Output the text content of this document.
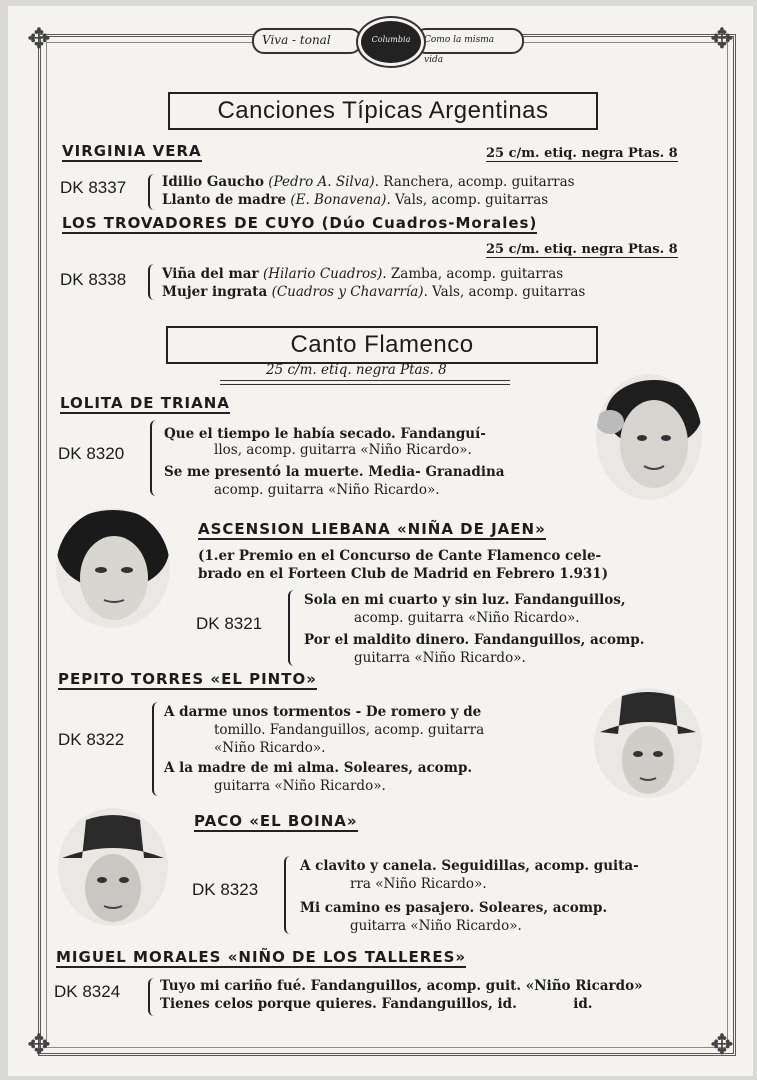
✥	✥
✥	✥
Viva - tonal	Como la misma vida
Columbia
Canciones Típicas Argentinas
VIRGINIA VERA	25 c/m. etiq. negra Ptas. 8
DK 8337	Idilio Gaucho (Pedro A. Silva). Ranchera, acomp. guitarras
Llanto de madre (E. Bonavena). Vals, acomp. guitarras
LOS TROVADORES DE CUYO (Dúo Cuadros-Morales)
25 c/m. etiq. negra Ptas. 8
DK 8338	Viña del mar (Hilario Cuadros). Zamba, acomp. guitarras
Mujer ingrata (Cuadros y Chavarría). Vals, acomp. guitarras
Canto Flamenco
25 c/m. etiq. negra Ptas. 8
LOLITA DE TRIANA
DK 8320
Que el tiempo le había secado. Fandanguí-
llos, acomp. guitarra «Niño Ricardo».
Se me presentó la muerte. Media- Granadina
acomp. guitarra «Niño Ricardo».
ASCENSION LIEBANA «NIÑA DE JAEN»
(1.er Premio en el Concurso de Cante Flamenco cele-
brado en el Forteen Club de Madrid en Febrero 1.931)
DK 8321
Sola en mi cuarto y sin luz. Fandanguillos,
acomp. guitarra «Niño Ricardo».
Por el maldito dinero. Fandanguillos, acomp.
guitarra «Niño Ricardo».
PEPITO TORRES «EL PINTO»
DK 8322
A darme unos tormentos - De romero y de
tomillo. Fandanguillos, acomp. guitarra
«Niño Ricardo».
A la madre de mi alma. Soleares, acomp.
guitarra «Niño Ricardo».
PACO «EL BOINA»
DK 8323
A clavito y canela. Seguidillas, acomp. guita-
rra «Niño Ricardo».
Mi camino es pasajero. Soleares, acomp.
guitarra «Niño Ricardo».
MIGUEL MORALES «NIÑO DE LOS TALLERES»
DK 8324	Tuyo mi cariño fué. Fandanguillos, acomp. guit. «Niño Ricardo»
Tienes celos porque quieres. Fandanguillos, id.            id.
